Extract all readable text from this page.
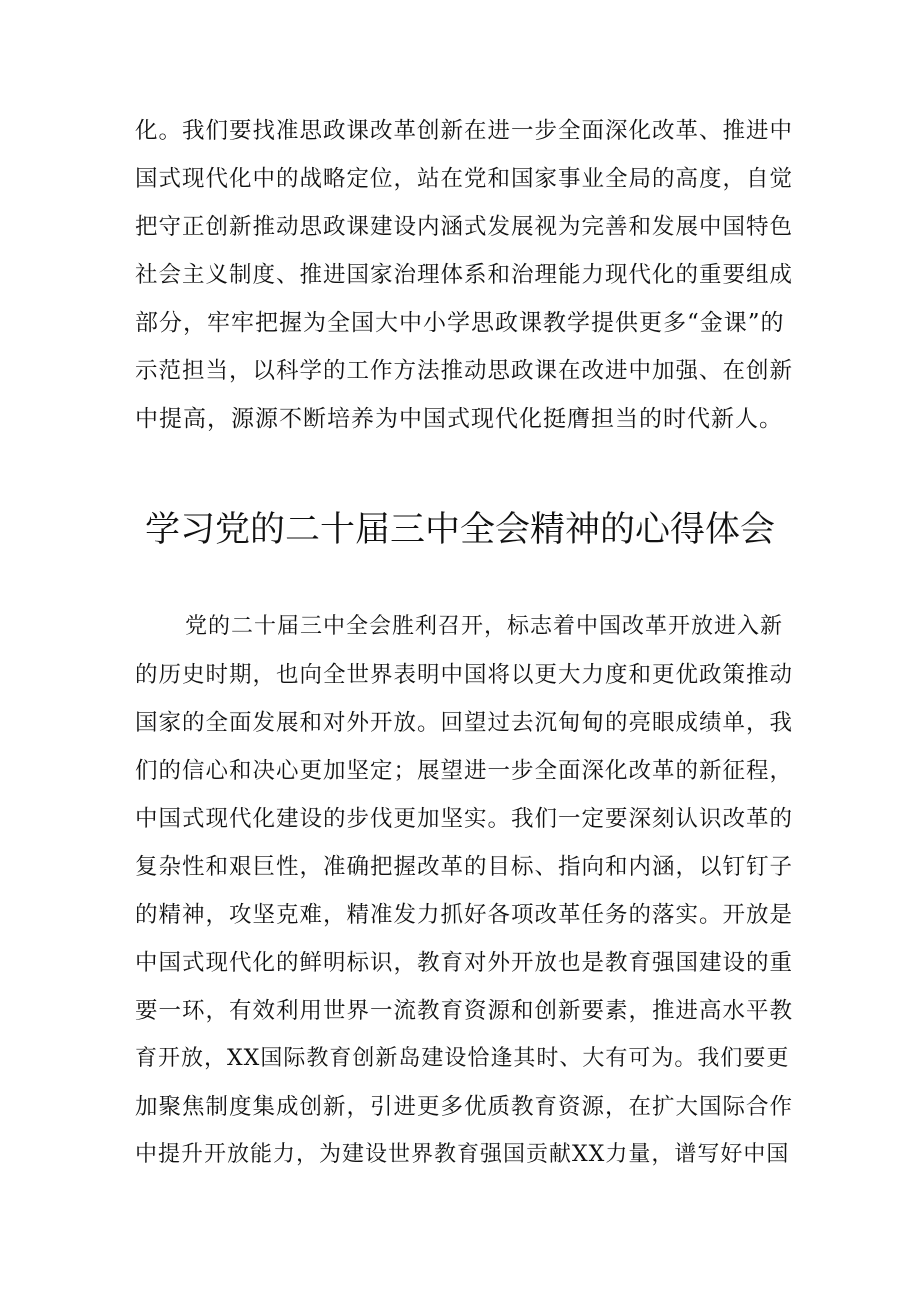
化。我们要找准思政课改革创新在进一步全面深化改革、推进中
国式现代化中的战略定位，站在党和国家事业全局的高度，自觉
把守正创新推动思政课建设内涵式发展视为完善和发展中国特色
社会主义制度、推进国家治理体系和治理能力现代化的重要组成
部分，牢牢把握为全国大中小学思政课教学提供更多“金课”的
示范担当，以科学的工作方法推动思政课在改进中加强、在创新
中提高，源源不断培养为中国式现代化挺膺担当的时代新人。
学习党的二十届三中全会精神的心得体会
党的二十届三中全会胜利召开，标志着中国改革开放进入新
的历史时期，也向全世界表明中国将以更大力度和更优政策推动
国家的全面发展和对外开放。回望过去沉甸甸的亮眼成绩单，我
们的信心和决心更加坚定；展望进一步全面深化改革的新征程，
中国式现代化建设的步伐更加坚实。我们一定要深刻认识改革的
复杂性和艰巨性，准确把握改革的目标、指向和内涵，以钉钉子
的精神，攻坚克难，精准发力抓好各项改革任务的落实。开放是
中国式现代化的鲜明标识，教育对外开放也是教育强国建设的重
要一环，有效利用世界一流教育资源和创新要素，推进高水平教
育开放，XX国际教育创新岛建设恰逢其时、大有可为。我们要更
加聚焦制度集成创新，引进更多优质教育资源，在扩大国际合作
中提升开放能力，为建设世界教育强国贡献XX力量，谱写好中国
